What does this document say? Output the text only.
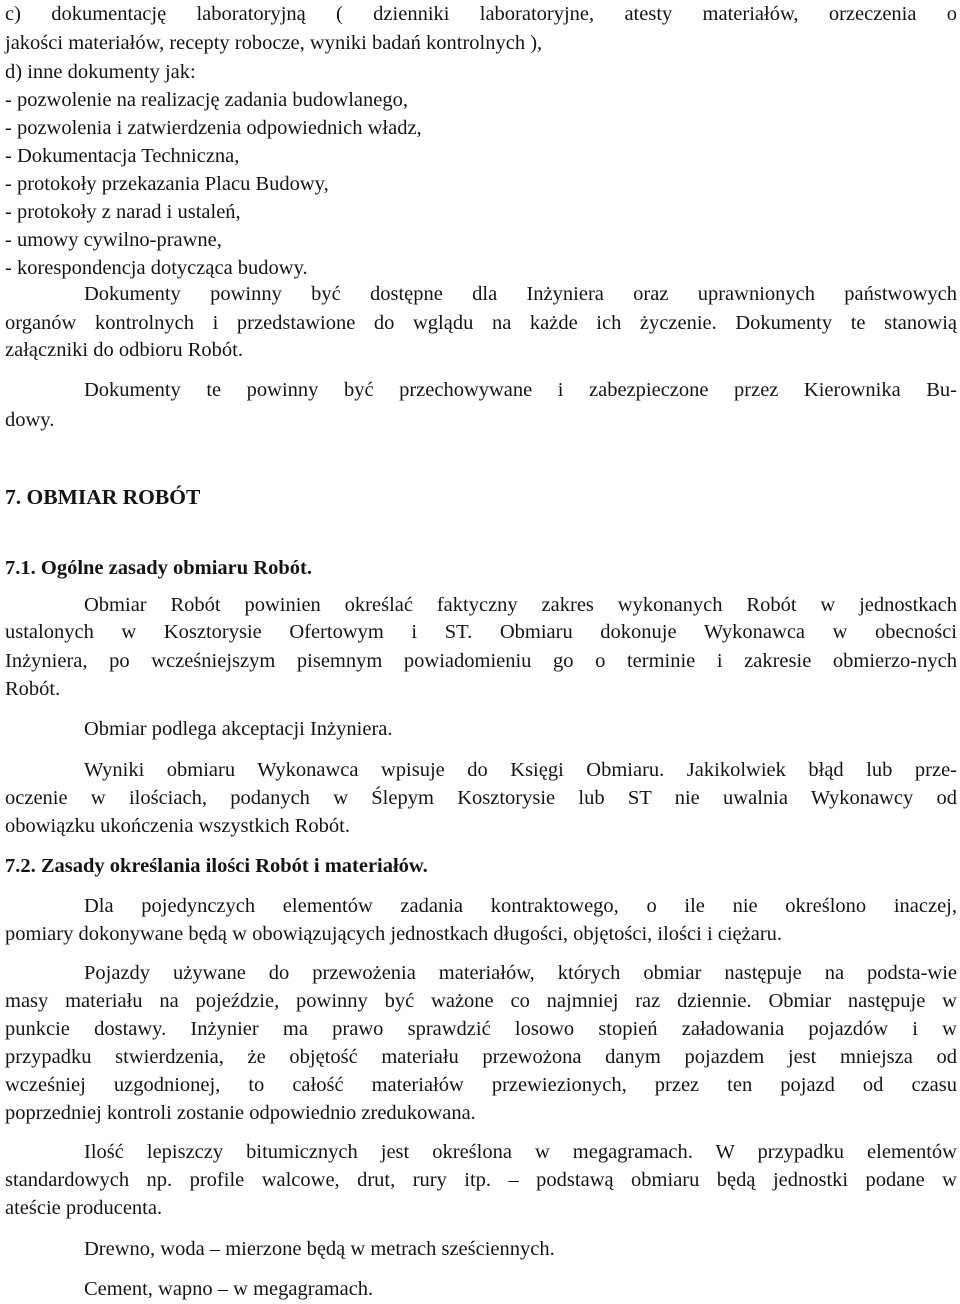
c) dokumentację laboratoryjną ( dzienniki laboratoryjne, atesty materiałów, orzeczenia o
jakości materiałów, recepty robocze, wyniki badań kontrolnych ),
d) inne dokumenty jak:
- pozwolenie na realizację zadania budowlanego,
- pozwolenia i zatwierdzenia odpowiednich władz,
- Dokumentacja Techniczna,
- protokoły przekazania Placu Budowy,
- protokoły z narad i ustaleń,
- umowy cywilno-prawne,
- korespondencja dotycząca budowy.
Dokumenty powinny być dostępne dla Inżyniera oraz uprawnionych państwowych
organów kontrolnych i przedstawione do wglądu na każde ich życzenie. Dokumenty te stanowią
załączniki do odbioru Robót.
Dokumenty te powinny być przechowywane i zabezpieczone przez Kierownika Bu-
dowy.
7. OBMIAR ROBÓT
7.1. Ogólne zasady obmiaru Robót.
Obmiar Robót powinien określać faktyczny zakres wykonanych Robót w jednostkach
ustalonych w Kosztorysie Ofertowym i ST. Obmiaru dokonuje Wykonawca w obecności
Inżyniera, po wcześniejszym pisemnym powiadomieniu go o terminie i zakresie obmierzo-nych
Robót.
Obmiar podlega akceptacji Inżyniera.
Wyniki obmiaru Wykonawca wpisuje do Księgi Obmiaru. Jakikolwiek błąd lub prze-
oczenie w ilościach, podanych w Ślepym Kosztorysie lub ST nie uwalnia Wykonawcy od
obowiązku ukończenia wszystkich Robót.
7.2. Zasady określania ilości Robót i materiałów.
Dla pojedynczych elementów zadania kontraktowego, o ile nie określono inaczej,
pomiary dokonywane będą w obowiązujących jednostkach długości, objętości, ilości i ciężaru.
Pojazdy używane do przewożenia materiałów, których obmiar następuje na podsta-wie
masy materiału na pojeździe, powinny być ważone co najmniej raz dziennie. Obmiar następuje w
punkcie dostawy. Inżynier ma prawo sprawdzić losowo stopień załadowania pojazdów i w
przypadku stwierdzenia, że objętość materiału przewożona danym pojazdem jest mniejsza od
wcześniej uzgodnionej, to całość materiałów przewiezionych, przez ten pojazd od czasu
poprzedniej kontroli zostanie odpowiednio zredukowana.
Ilość lepiszczy bitumicznych jest określona w megagramach. W przypadku elementów
standardowych np. profile walcowe, drut, rury itp. – podstawą obmiaru będą jednostki podane w
ateście producenta.
Drewno, woda – mierzone będą w metrach sześciennych.
Cement, wapno – w megagramach.
